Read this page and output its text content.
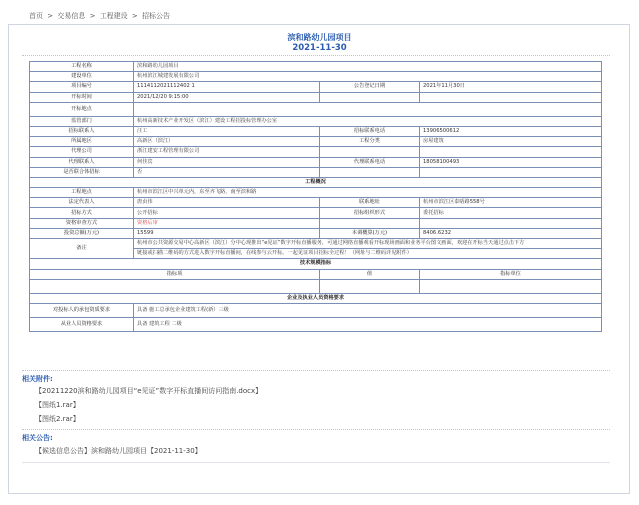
首页 > 交易信息 > 工程建设 > 招标公告
滨和路幼儿园项目
2021-11-30
工程名称	滨和路幼儿园项目		
建设单位	杭州滨江城建发展有限公司		
项目编号	1114112021112402 1	公告登记日期	2021年11月30日
开标时间	2021/12/20 9:15:00		
开标地点			
监管部门	杭州高新技术产业开发区（滨江）建设工程招投标管理办公室		
招标联系人	汪工	招标联系电话	13906500612
所属地区	高新区（滨江）	工程分类	房屋建筑
代理公司	浙江建安工程管理有限公司		
代理联系人	何佳宾	代理联系电话	18058100493
是否联合体招标	否		
工程概况			
工程地点	杭州市滨江区中兴单元内，东至齐飞路，南至滨和路		
法定代表人	唐贞伟	联系地址	杭州市滨江区泰晤路558号
招标方式	公开招标	招标组织形式	委托招标
资格审查方式	资格后审		
投资总额(万元)	15599	本调概算(万元)	8406.6232
备注	杭州市公共资源交易中心高新区（滨江）分中心现推出“e见证”数字开标直播服务，可通过网络直播观看开标现场画面和业务平台图文画面，欢迎在开标当天通过点击下方		
	链接或扫描二维码的方式进入数字开标直播间，在线参与云开标。一起见证项目招标全过程！（网址与二维码详见附件）		
技术规模指标			
指标项		值	指标单位

企业及执业人员资格要求			
对投标人的承包资质要求	具备 施工总承包企业建筑工程(新）三级		
从业人员资格要求	具备 建筑工程 二级		
相关附件:
【20211220滨和路幼儿园项目“e见证”数字开标直播间访问指南.docx】
【图纸1.rar】
【图纸2.rar】
相关公告:
【候选信息公告】滨和路幼儿园项目【2021-11-30】
